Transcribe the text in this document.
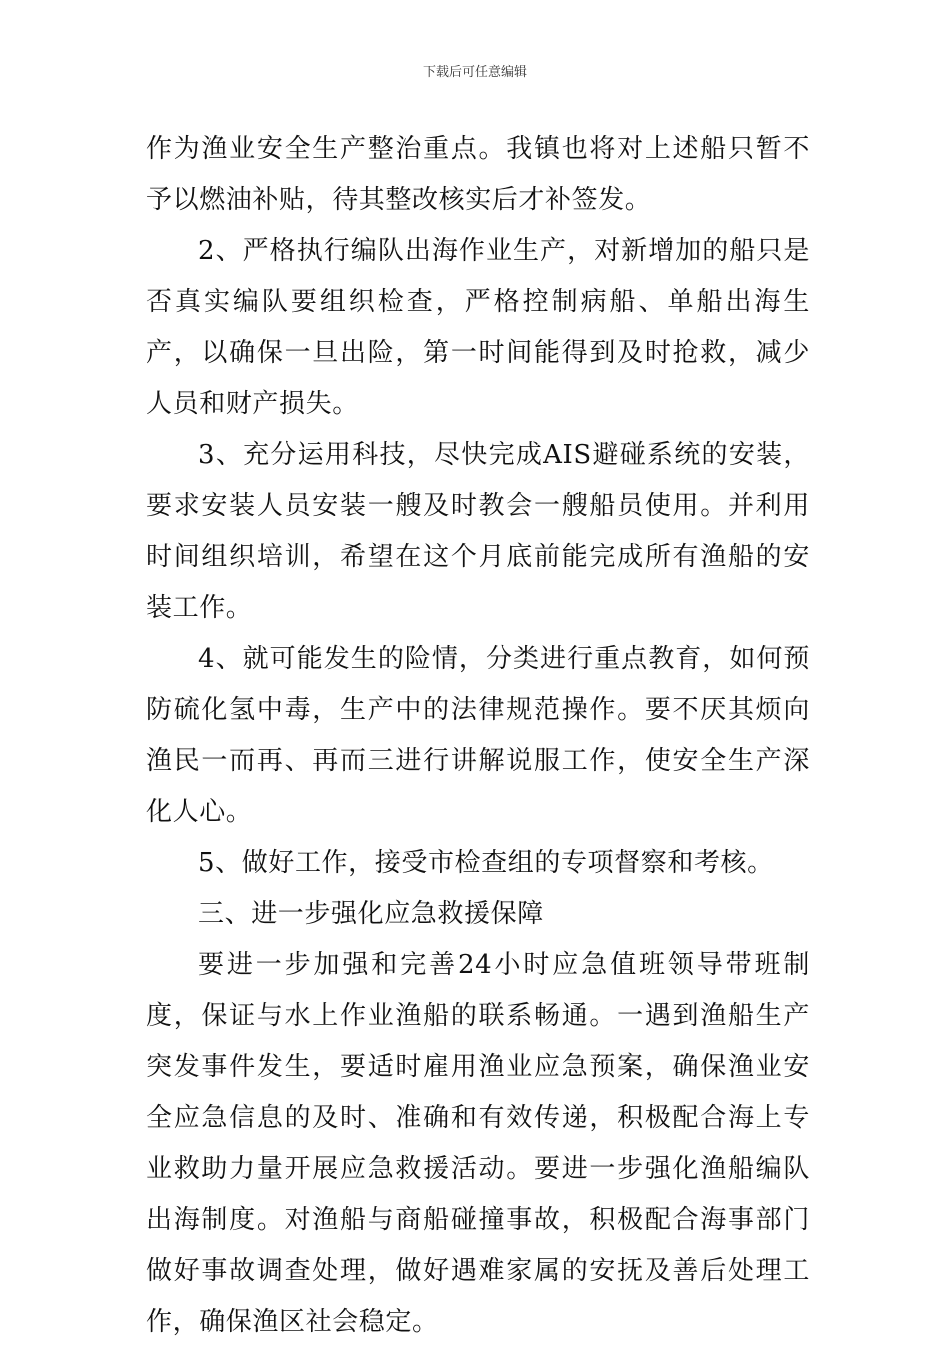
下载后可任意编辑

作为渔业安全生产整治重点。我镇也将对上述船只暂不予以燃油补贴，待其整改核实后才补签发。

2、严格执行编队出海作业生产，对新增加的船只是否真实编队要组织检查，严格控制病船、单船出海生产，以确保一旦出险，第一时间能得到及时抢救，减少人员和财产损失。

3、充分运用科技，尽快完成AIS避碰系统的安装，要求安装人员安装一艘及时教会一艘船员使用。并利用时间组织培训，希望在这个月底前能完成所有渔船的安装工作。

4、就可能发生的险情，分类进行重点教育，如何预防硫化氢中毒，生产中的法律规范操作。要不厌其烦向渔民一而再、再而三进行讲解说服工作，使安全生产深化人心。

5、做好工作，接受市检查组的专项督察和考核。

三、进一步强化应急救援保障

要进一步加强和完善24小时应急值班领导带班制度，保证与水上作业渔船的联系畅通。一遇到渔船生产突发事件发生，要适时雇用渔业应急预案，确保渔业安全应急信息的及时、准确和有效传递，积极配合海上专业救助力量开展应急救援活动。要进一步强化渔船编队出海制度。对渔船与商船碰撞事故，积极配合海事部门做好事故调查处理，做好遇难家属的安抚及善后处理工作，确保渔区社会稳定。
